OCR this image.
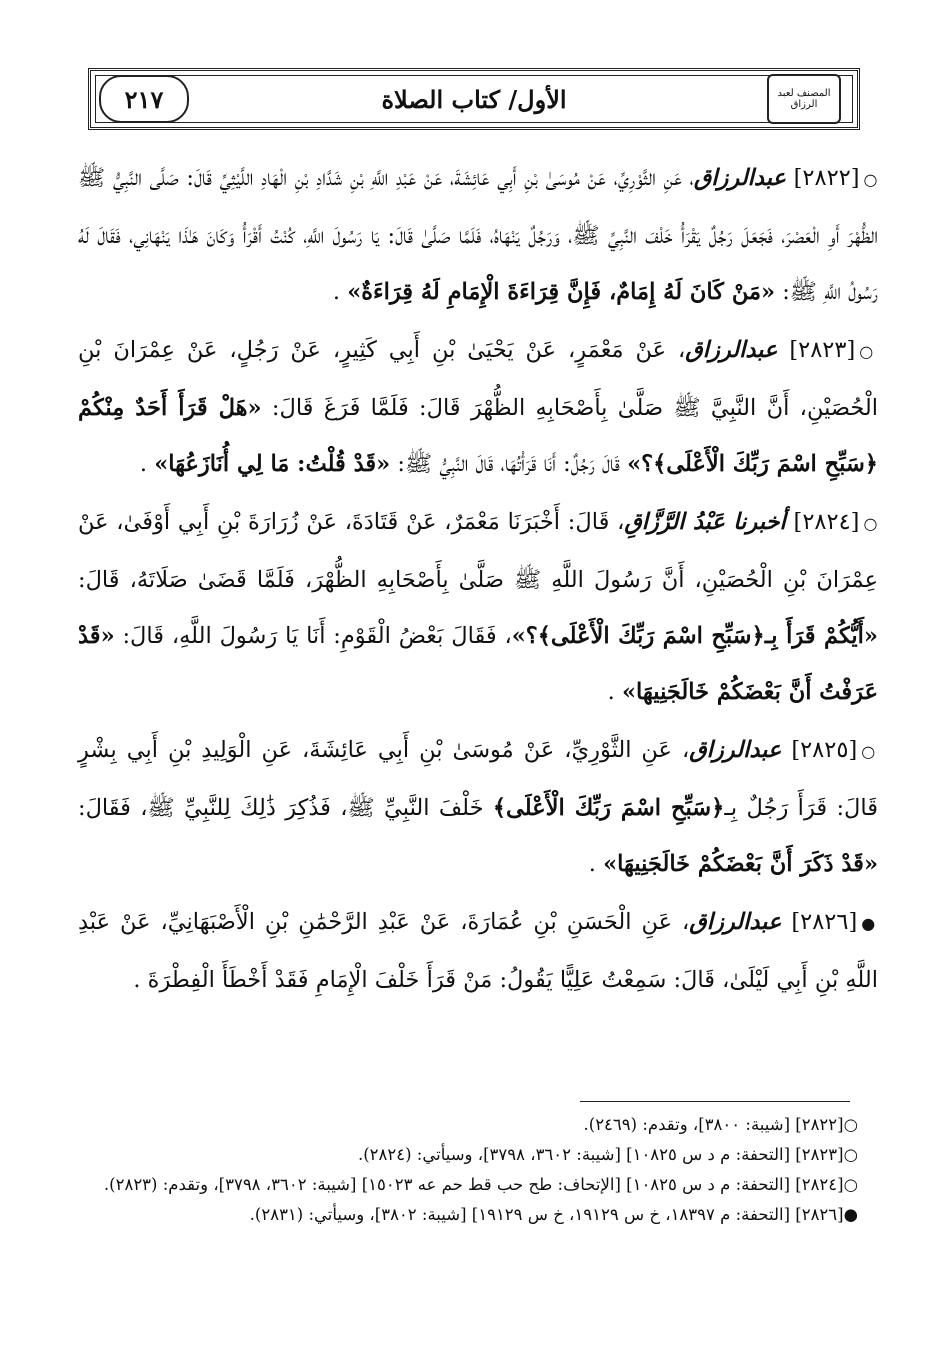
٢١٧	الأول/ كتاب الصلاة	المصنف لعبد الرزاق

○[٢٨٢٢] عبدالرزاق، عَنِ الثَّوْرِيِّ، عَنْ مُوسَىٰ بْنِ أَبِي عَائِشَةَ، عَنْ عَبْدِ اللَّهِ بْنِ شَدَّادِ بْنِ الْهَادِ اللَّيْثِيِّ قَالَ: صَلَّى النَّبِيُّ ﷺ الظُّهْرَ أَوِ الْعَصْرَ، فَجَعَلَ رَجُلٌ يَقْرَأُ خَلْفَ النَّبِيِّ ﷺ، وَرَجُلٌ يَنْهَاهُ، فَلَمَّا صَلَّىٰ قَالَ: يَا رَسُولَ اللَّهِ، كُنْتُ أَقْرَأُ وَكَانَ هَـٰذَا يَنْهَانِي، فَقَالَ لَهُ رَسُولُ اللَّهِ ﷺ: «مَنْ كَانَ لَهُ إِمَامٌ، فَإِنَّ قِرَاءَةَ الْإِمَامِ لَهُ قِرَاءَةٌ» .

○[٢٨٢٣] عبدالرزاق، عَنْ مَعْمَرٍ، عَنْ يَحْيَىٰ بْنِ أَبِي كَثِيرٍ، عَنْ رَجُلٍ، عَنْ عِمْرَانَ بْنِ الْحُصَيْنِ، أَنَّ النَّبِيَّ ﷺ صَلَّىٰ بِأَصْحَابِهِ الظُّهْرَ قَالَ: فَلَمَّا فَرَغَ قَالَ: «هَلْ قَرَأَ أَحَدٌ مِنْكُمْ ﴿سَبِّحِ اسْمَ رَبِّكَ الْأَعْلَى﴾؟» قَالَ رَجُلٌ: أَنَا قَرَأْتُهَا، قَالَ النَّبِيُّ ﷺ: «قَدْ قُلْتُ: مَا لِي أُنَازَعُهَا» .

○[٢٨٢٤] أخبرنا عَبْدُ الرَّزَّاقِ، قَالَ: أَخْبَرَنَا مَعْمَرٌ، عَنْ قَتَادَةَ، عَنْ زُرَارَةَ بْنِ أَبِي أَوْفَىٰ، عَنْ عِمْرَانَ بْنِ الْحُصَيْنِ، أَنَّ رَسُولَ اللَّهِ ﷺ صَلَّىٰ بِأَصْحَابِهِ الظُّهْرَ، فَلَمَّا قَضَىٰ صَلَاتَهُ، قَالَ: «أَيُّكُمْ قَرَأَ بِـ﴿سَبِّحِ اسْمَ رَبِّكَ الْأَعْلَى﴾؟»، فَقَالَ بَعْضُ الْقَوْمِ: أَنَا يَا رَسُولَ اللَّهِ، قَالَ: «قَدْ عَرَفْتُ أَنَّ بَعْضَكُمْ خَالَجَنِيهَا» .

○[٢٨٢٥] عبدالرزاق، عَنِ الثَّوْرِيِّ، عَنْ مُوسَىٰ بْنِ أَبِي عَائِشَةَ، عَنِ الْوَلِيدِ بْنِ أَبِي بِشْرٍ قَالَ: قَرَأَ رَجُلٌ بِـ﴿سَبِّحِ اسْمَ رَبِّكَ الْأَعْلَى﴾ خَلْفَ النَّبِيِّ ﷺ، فَذُكِرَ ذَٰلِكَ لِلنَّبِيِّ ﷺ، فَقَالَ: «قَدْ ذَكَرَ أَنَّ بَعْضَكُمْ خَالَجَنِيهَا» .

●[٢٨٢٦] عبدالرزاق، عَنِ الْحَسَنِ بْنِ عُمَارَةَ، عَنْ عَبْدِ الرَّحْمَٰنِ بْنِ الْأَصْبَهَانِيِّ، عَنْ عَبْدِ اللَّهِ بْنِ أَبِي لَيْلَىٰ، قَالَ: سَمِعْتُ عَلِيًّا يَقُولُ: مَنْ قَرَأَ خَلْفَ الْإِمَامِ فَقَدْ أَخْطَأَ الْفِطْرَةَ .

○[٢٨٢٢] [شيبة: ٣٨٠٠]، وتقدم: (٢٤٦٩).

○[٢٨٢٣] [التحفة: م د س ١٠٨٢٥] [شيبة: ٣٦٠٢، ٣٧٩٨]، وسيأتي: (٢٨٢٤).

○[٢٨٢٤] [التحفة: م د س ١٠٨٢٥] [الإتحاف: طح حب قط حم عه ١٥٠٢٣] [شيبة: ٣٦٠٢، ٣٧٩٨]، وتقدم: (٢٨٢٣).

●[٢٨٢٦] [التحفة: م ١٨٣٩٧، خ س ١٩١٢٩، خ س ١٩١٢٩] [شيبة: ٣٨٠٢]، وسيأتي: (٢٨٣١).
